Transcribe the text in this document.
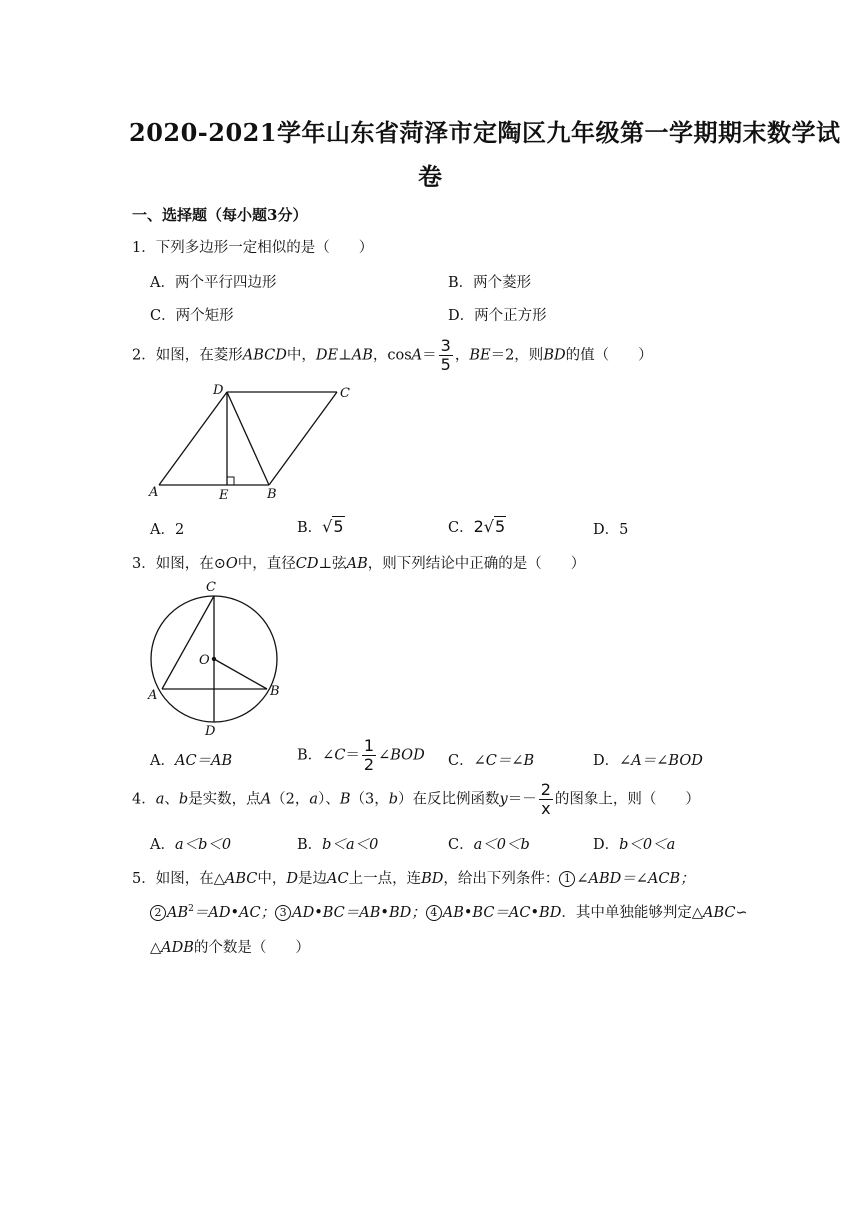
2020-2021学年山东省菏泽市定陶区九年级第一学期期末数学试
卷
一、选择题（每小题3分）
1．下列多边形一定相似的是（　　）
A．两个平行四边形	B．两个菱形
C．两个矩形	D．两个正方形
2．如图，在菱形ABCD中，DE⊥AB，$\cos A= \frac{3}{5}$ ，BE＝2，则BD的值（　　）
A	E	B
D	C
A．2	B．√5	C．2√5	D．5
3．如图，在⊙O中，直径CD⊥弦AB，则下列结论中正确的是（　　）
C
O
A	B
D
A．AC＝AB	B．∠C＝ $\frac{1}{2}$ ∠BOD C．∠C＝∠B	D．∠A＝∠BOD
4．a、b是实数，点A（2，a）、B（3，b）在反比例函数$y=- \frac{2}{x}$ 的图象上，则（　　）
A．a＜b＜0	B．b＜a＜0	C．a＜0＜b	D．b＜0＜a
5．如图，在△ABC中，D是边AC上一点，连BD，给出下列条件： 1 ∠ABD＝∠ACB；
2 $AB^2=AD•AC$； 3 AD•BC＝AB•BD； 4 AB•BC＝AC•BD．其中单独能够判定△ABC∽
△ADB的个数是（　　）
